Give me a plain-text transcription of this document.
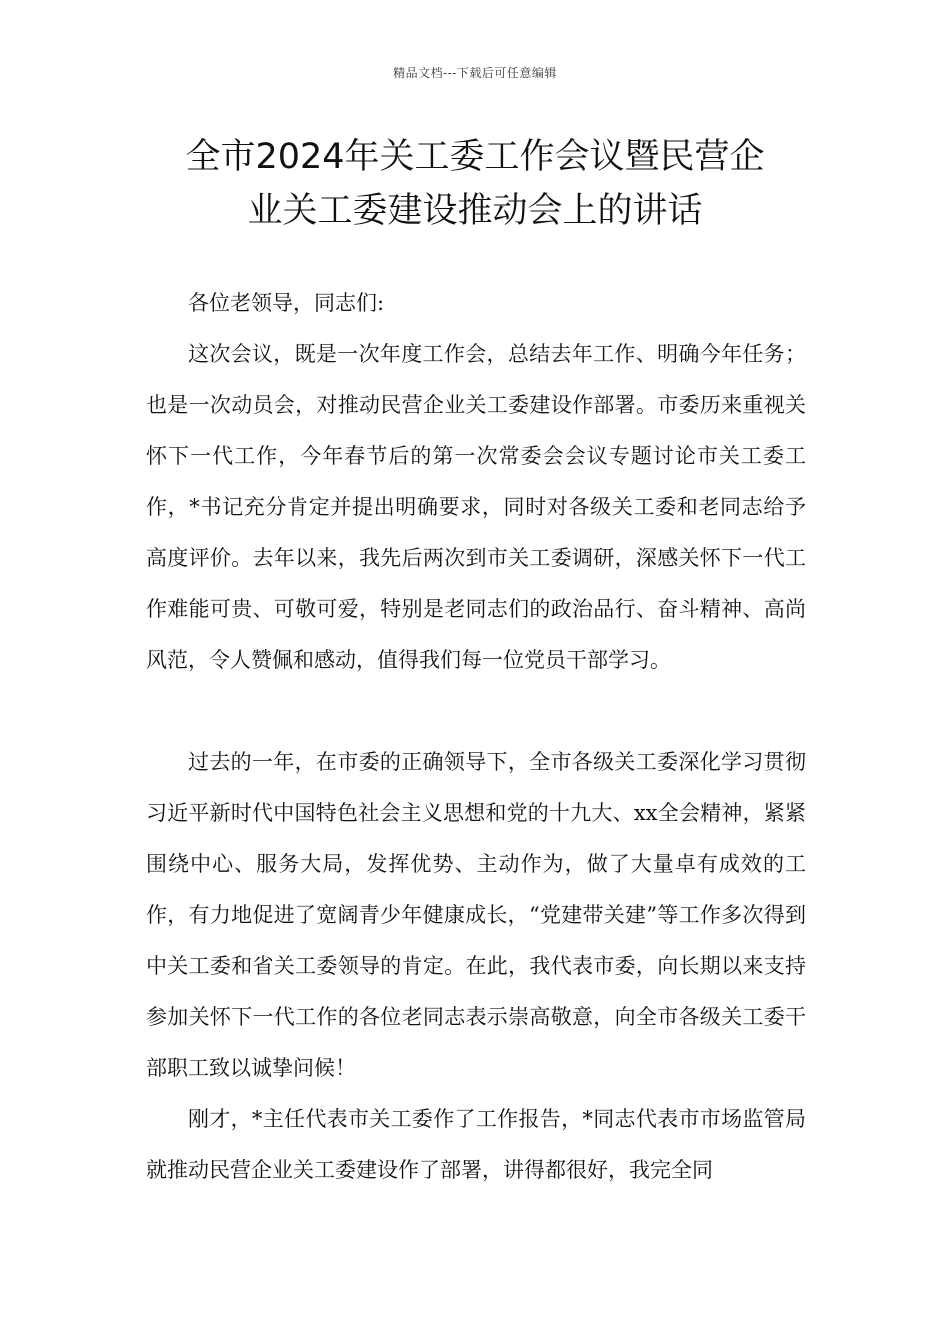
精品文档---下载后可任意编辑
全市2024年关工委工作会议暨民营企
业关工委建设推动会上的讲话

各位老领导，同志们:

这次会议，既是一次年度工作会，总结去年工作、明确今年任务；也是一次动员会，对推动民营企业关工委建设作部署。市委历来重视关怀下一代工作，今年春节后的第一次常委会会议专题讨论市关工委工作，*书记充分肯定并提出明确要求，同时对各级关工委和老同志给予高度评价。去年以来，我先后两次到市关工委调研，深感关怀下一代工作难能可贵、可敬可爱，特别是老同志们的政治品行、奋斗精神、高尚风范，令人赞佩和感动，值得我们每一位党员干部学习。

过去的一年，在市委的正确领导下，全市各级关工委深化学习贯彻习近平新时代中国特色社会主义思想和党的十九大、xx全会精神，紧紧围绕中心、服务大局，发挥优势、主动作为，做了大量卓有成效的工作，有力地促进了宽阔青少年健康成长，“党建带关建”等工作多次得到中关工委和省关工委领导的肯定。在此，我代表市委，向长期以来支持参加关怀下一代工作的各位老同志表示崇高敬意，向全市各级关工委干部职工致以诚挚问候！

刚才，*主任代表市关工委作了工作报告，*同志代表市市场监管局就推动民营企业关工委建设作了部署，讲得都很好，我完全同
